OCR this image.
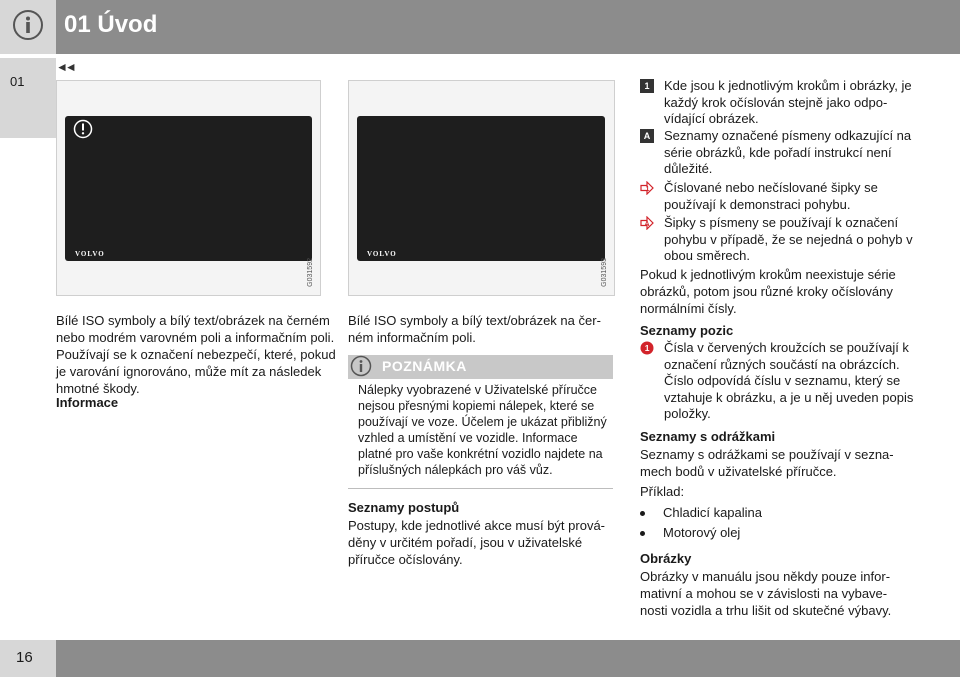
01 Úvod
01
◄◄
VOLVO
G031592
VOLVO
G031593

Bílé ISO symboly a bílý text/obrázek na černém nebo modrém varovném poli a informačním poli. Používají se k označení nebezpečí, které, pokud je varování ignorováno, může mít za následek hmotné škody.

Informace

Bílé ISO symboly a bílý text/obrázek na černém informačním poli.

POZNÁMKA

Nálepky vyobrazené v Uživatelské příručce nejsou přesnými kopiemi nálepek, které se používají ve voze. Účelem je ukázat přibližný vzhled a umístění ve vozidle. Informace platné pro vaše konkrétní vozidlo najdete na příslušných nálepkách pro váš vůz.

Seznamy postupů

Postupy, kde jednotlivé akce musí být prováděny v určitém pořadí, jsou v uživatelské příručce očíslovány.

1	Kde jsou k jednotlivým krokům i obrázky, je každý krok očíslován stejně jako odpovídající obrázek.
A Seznamy označené písmeny odkazující na série obrázků, kde pořadí instrukcí není důležité.
1 Číslované nebo nečíslované šipky se používají k demonstraci pohybu.
A Šipky s písmeny se používají k označení pohybu v případě, že se nejedná o pohyb v obou směrech.

Pokud k jednotlivým krokům neexistuje série obrázků, potom jsou různé kroky očíslovány normálními čísly.

Seznamy pozic
1 Čísla v červených kroužcích se používají k označení různých součástí na obrázcích. Číslo odpovídá číslu v seznamu, který se vztahuje k obrázku, a je u něj uveden popis položky.
Seznamy s odrážkami

Seznamy s odrážkami se používají v seznamech bodů v uživatelské příručce.

Příklad:
Chladicí kapalina
Motorový olej
Obrázky

Obrázky v manuálu jsou někdy pouze informativní a mohou se v závislosti na vybavenosti vozidla a trhu lišit od skutečné výbavy.

16
